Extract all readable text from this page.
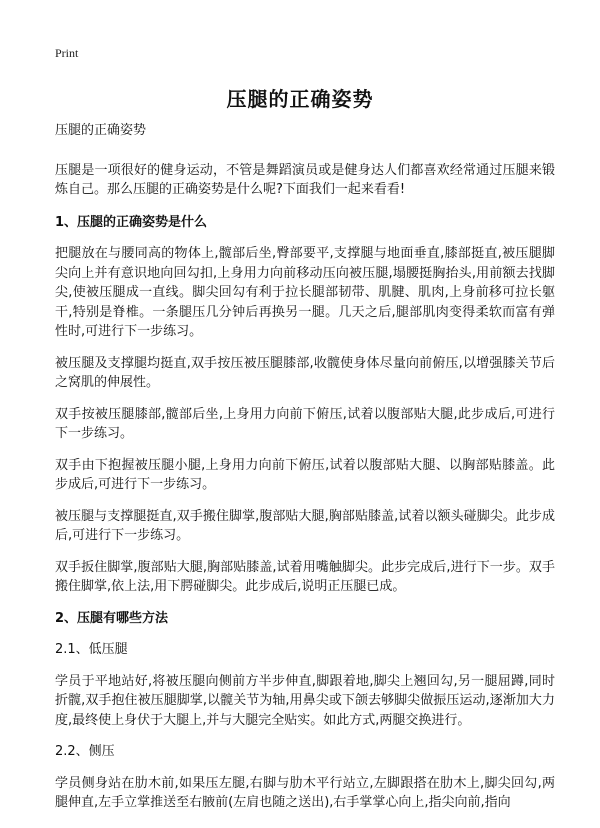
Print
压腿的正确姿势
压腿的正确姿势

压腿是一项很好的健身运动，不管是舞蹈演员或是健身达人们都喜欢经常通过压腿来锻炼自己。那么压腿的正确姿势是什么呢?下面我们一起来看看!

1、压腿的正确姿势是什么

把腿放在与腰同高的物体上,髋部后坐,臀部要平,支撑腿与地面垂直,膝部挺直,被压腿脚尖向上并有意识地向回勾扣,上身用力向前移动压向被压腿,塌腰挺胸抬头,用前额去找脚尖,使被压腿成一直线。脚尖回勾有利于拉长腿部韧带、肌腱、肌肉,上身前移可拉长躯干,特别是脊椎。一条腿压几分钟后再换另一腿。几天之后,腿部肌肉变得柔软而富有弹性时,可进行下一步练习。

被压腿及支撑腿均挺直,双手按压被压腿膝部,收髋使身体尽量向前俯压,以增强膝关节后之窝肌的伸展性。

双手按被压腿膝部,髋部后坐,上身用力向前下俯压,试着以腹部贴大腿,此步成后,可进行下一步练习。

双手由下抱握被压腿小腿,上身用力向前下俯压,试着以腹部贴大腿、以胸部贴膝盖。此步成后,可进行下一步练习。

被压腿与支撑腿挺直,双手搬住脚掌,腹部贴大腿,胸部贴膝盖,试着以额头碰脚尖。此步成后,可进行下一步练习。

双手扳住脚掌,腹部贴大腿,胸部贴膝盖,试着用嘴触脚尖。此步完成后,进行下一步。双手搬住脚掌,依上法,用下腭碰脚尖。此步成后,说明正压腿已成。

2、压腿有哪些方法
2.1、低压腿

学员于平地站好,将被压腿向侧前方半步伸直,脚跟着地,脚尖上翘回勾,另一腿屈蹲,同时折髋,双手抱住被压腿脚掌,以髋关节为轴,用鼻尖或下颌去够脚尖做振压运动,逐渐加大力度,最终使上身伏于大腿上,并与大腿完全贴实。如此方式,两腿交换进行。

2.2、侧压

学员侧身站在肋木前,如果压左腿,右脚与肋木平行站立,左脚跟搭在肋木上,脚尖回勾,两腿伸直,左手立掌推送至右腋前(左肩也随之送出),右手掌掌心向上,指尖向前,指向
